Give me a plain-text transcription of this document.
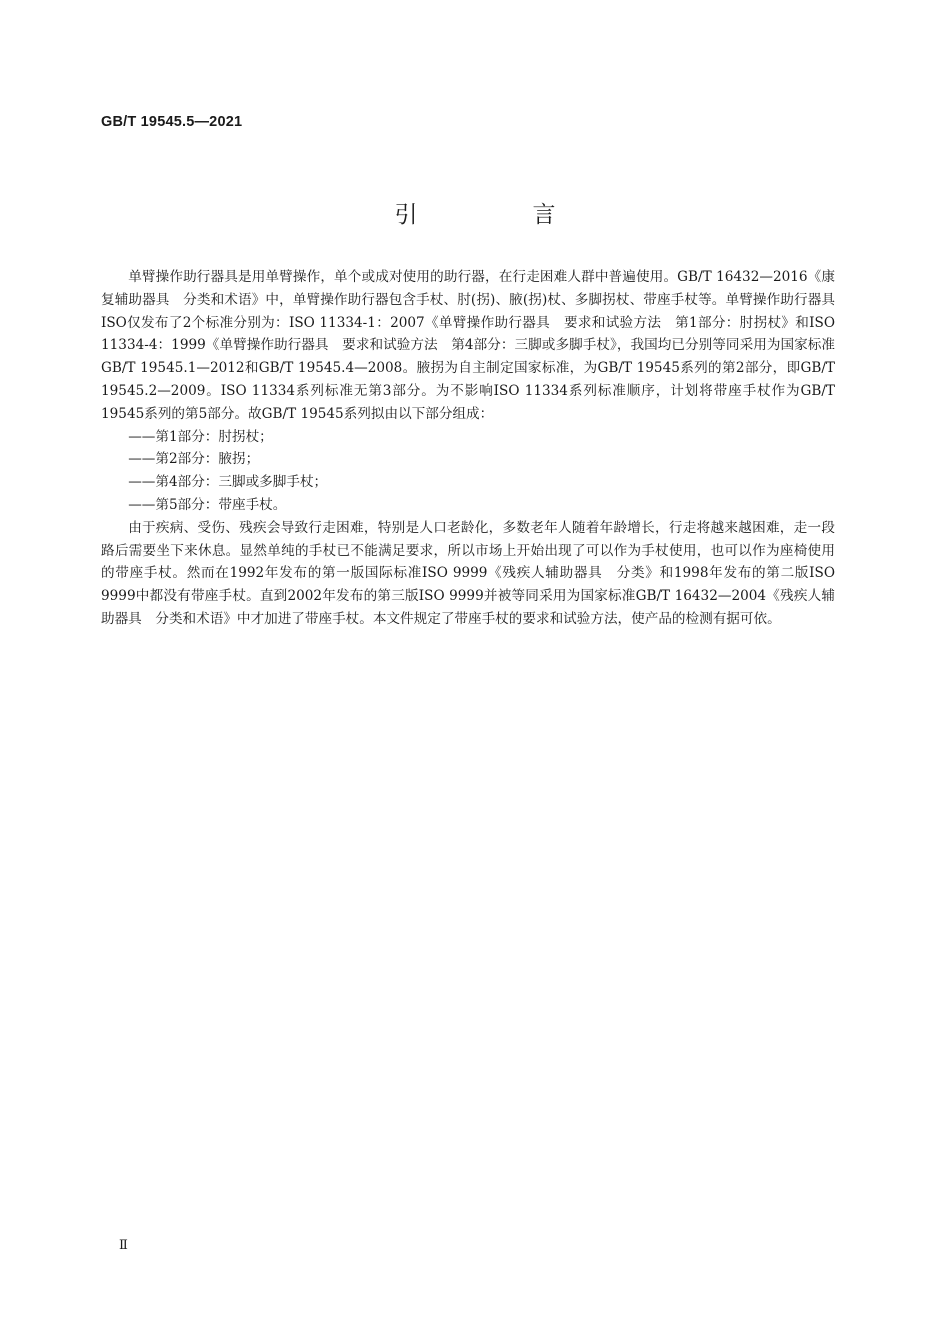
GB/T 19545.5—2021
引　言

单臂操作助行器具是用单臂操作，单个或成对使用的助行器，在行走困难人群中普遍使用。GB/T 16432—2016《康复辅助器具　分类和术语》中，单臂操作助行器包含手杖、肘(拐)、腋(拐)杖、多脚拐杖、带座手杖等。单臂操作助行器具ISO仅发布了2个标准分别为：ISO 11334-1：2007《单臂操作助行器具　要求和试验方法　第1部分：肘拐杖》和ISO 11334-4：1999《单臂操作助行器具　要求和试验方法　第4部分：三脚或多脚手杖》，我国均已分别等同采用为国家标准GB/T 19545.1—2012和GB/T 19545.4—2008。腋拐为自主制定国家标准，为GB/T 19545系列的第2部分，即GB/T 19545.2—2009。ISO 11334系列标准无第3部分。为不影响ISO 11334系列标准顺序，计划将带座手杖作为GB/T 19545系列的第5部分。故GB/T 19545系列拟由以下部分组成：

——第1部分：肘拐杖；
——第2部分：腋拐；
——第4部分：三脚或多脚手杖；
——第5部分：带座手杖。

由于疾病、受伤、残疾会导致行走困难，特别是人口老龄化，多数老年人随着年龄增长，行走将越来越困难，走一段路后需要坐下来休息。显然单纯的手杖已不能满足要求，所以市场上开始出现了可以作为手杖使用，也可以作为座椅使用的带座手杖。然而在1992年发布的第一版国际标准ISO 9999《残疾人辅助器具　分类》和1998年发布的第二版ISO 9999中都没有带座手杖。直到2002年发布的第三版ISO 9999并被等同采用为国家标准GB/T 16432—2004《残疾人辅助器具　分类和术语》中才加进了带座手杖。本文件规定了带座手杖的要求和试验方法，使产品的检测有据可依。

Ⅱ
